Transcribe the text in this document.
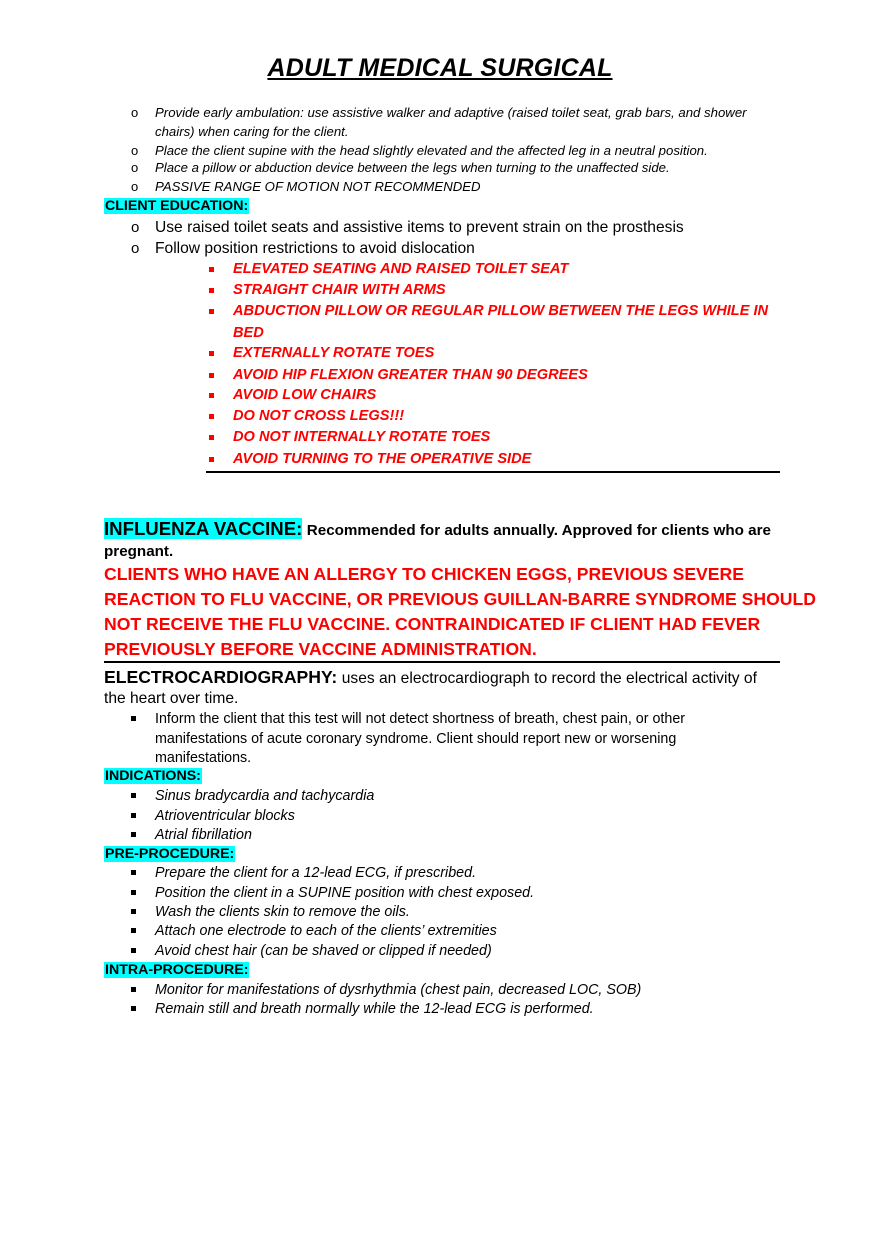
ADULT MEDICAL SURGICAL
o Provide early ambulation: use assistive walker and adaptive (raised toilet seat, grab bars, and shower
chairs) when caring for the client.
o Place the client supine with the head slightly elevated and the affected leg in a neutral position.
o Place a pillow or abduction device between the legs when turning to the unaffected side.
o PASSIVE RANGE OF MOTION NOT RECOMMENDED
CLIENT EDUCATION:
o Use raised toilet seats and assistive items to prevent strain on the prosthesis
o Follow position restrictions to avoid dislocation
ELEVATED SEATING AND RAISED TOILET SEAT
STRAIGHT CHAIR WITH ARMS
ABDUCTION PILLOW OR REGULAR PILLOW BETWEEN THE LEGS WHILE IN
BED
EXTERNALLY ROTATE TOES
AVOID HIP FLEXION GREATER THAN 90 DEGREES
AVOID LOW CHAIRS
DO NOT CROSS LEGS!!!
DO NOT INTERNALLY ROTATE TOES
AVOID TURNING TO THE OPERATIVE SIDE
INFLUENZA VACCINE: Recommended for adults annually. Approved for clients who are
pregnant.
CLIENTS WHO HAVE AN ALLERGY TO CHICKEN EGGS, PREVIOUS SEVERE
REACTION TO FLU VACCINE, OR PREVIOUS GUILLAN-BARRE SYNDROME SHOULD
NOT RECEIVE THE FLU VACCINE. CONTRAINDICATED IF CLIENT HAD FEVER
PREVIOUSLY BEFORE VACCINE ADMINISTRATION.
ELECTROCARDIOGRAPHY: uses an electrocardiograph to record the electrical activity of
the heart over time.
Inform the client that this test will not detect shortness of breath, chest pain, or other
manifestations of acute coronary syndrome. Client should report new or worsening
manifestations.
INDICATIONS:
Sinus bradycardia and tachycardia
Atrioventricular blocks
Atrial fibrillation
PRE-PROCEDURE:
Prepare the client for a 12-lead ECG, if prescribed.
Position the client in a SUPINE position with chest exposed.
Wash the clients skin to remove the oils.
Attach one electrode to each of the clients’ extremities
Avoid chest hair (can be shaved or clipped if needed)
INTRA-PROCEDURE:
Monitor for manifestations of dysrhythmia (chest pain, decreased LOC, SOB)
Remain still and breath normally while the 12-lead ECG is performed.
